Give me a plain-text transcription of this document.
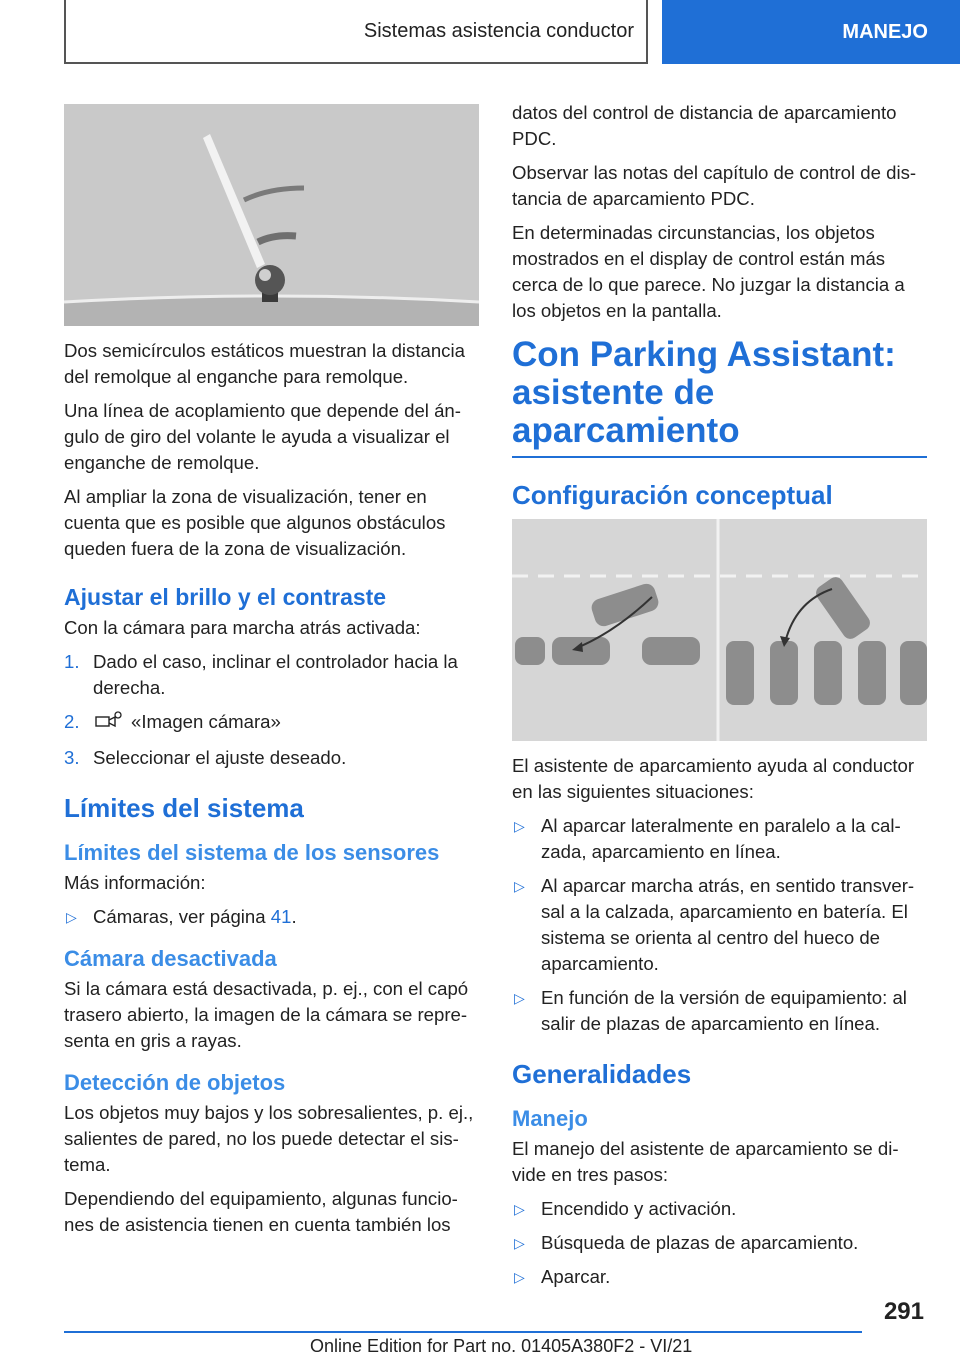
Sistemas asistencia conductor	MANEJO

Dos semicírculos estáticos muestran la distancia del remolque al enganche para remolque.

Una línea de acoplamiento que depende del án-gulo de giro del volante le ayuda a visualizar el enganche de remolque.

Al ampliar la zona de visualización, tener en cuenta que es posible que algunos obstáculos queden fuera de la zona de visualización.

Ajustar el brillo y el contraste

Con la cámara para marcha atrás activada:

1. Dado el caso, inclinar el controlador hacia la derecha.
2.	«Imagen cámara»
3. Seleccionar el ajuste deseado.
Límites del sistema
Límites del sistema de los sensores

Más información:

▷ Cámaras, ver página 41.
Cámara desactivada

Si la cámara está desactivada, p. ej., con el capó trasero abierto, la imagen de la cámara se repre-senta en gris a rayas.

Detección de objetos

Los objetos muy bajos y los sobresalientes, p. ej., salientes de pared, no los puede detectar el sis-tema.

Dependiendo del equipamiento, algunas funcio-nes de asistencia tienen en cuenta también los

datos del control de distancia de aparcamiento PDC.

Observar las notas del capítulo de control de dis-tancia de aparcamiento PDC.

En determinadas circunstancias, los objetos mostrados en el display de control están más cerca de lo que parece. No juzgar la distancia a los objetos en la pantalla.

Con Parking Assistant: asistente de aparcamiento
Configuración conceptual

El asistente de aparcamiento ayuda al conductor en las siguientes situaciones:

▷ Al aparcar lateralmente en paralelo a la cal-zada, aparcamiento en línea.
▷ Al aparcar marcha atrás, en sentido transver-sal a la calzada, aparcamiento en batería. El sistema se orienta al centro del hueco de aparcamiento.
▷ En función de la versión de equipamiento: al salir de plazas de aparcamiento en línea.
Generalidades
Manejo

El manejo del asistente de aparcamiento se di-vide en tres pasos:

▷ Encendido y activación.
▷ Búsqueda de plazas de aparcamiento.
▷ Aparcar.
291
Online Edition for Part no. 01405A380F2 - VI/21
